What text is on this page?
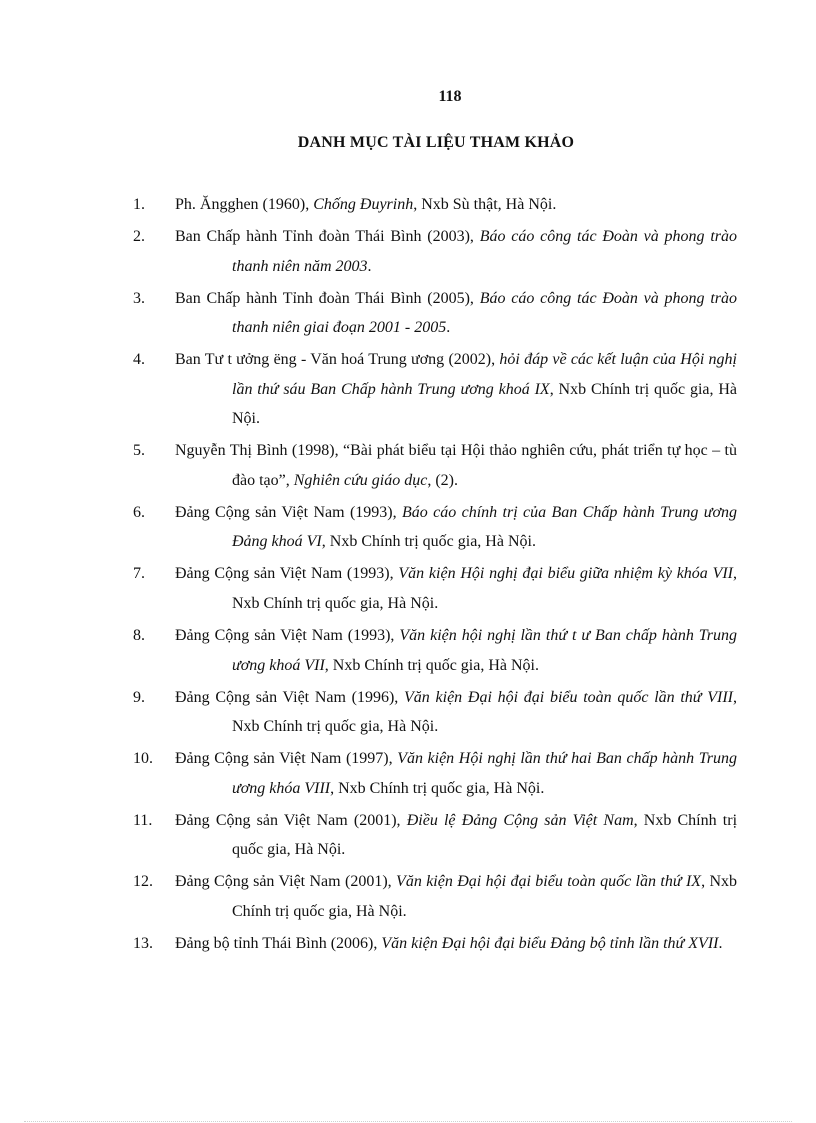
118
DANH MỤC TÀI LIỆU THAM KHẢO
1.	Ph. Ăngghen (1960), Chống Đuyrinh, Nxb Sù thật, Hà Nội.
2.	Ban Chấp hành Tỉnh đoàn Thái Bình (2003), Báo cáo công tác Đoàn và phong trào thanh niên năm 2003.
3.	Ban Chấp hành Tỉnh đoàn Thái Bình (2005), Báo cáo công tác Đoàn và phong trào thanh niên giai đoạn 2001 - 2005.
4.	Ban Tư t ưởng ëng - Văn hoá Trung ương (2002), hỏi đáp về các kết luận của Hội nghị lần thứ sáu Ban Chấp hành Trung ương khoá IX, Nxb Chính trị quốc gia, Hà Nội.
5.	Nguyễn Thị Bình (1998), “Bài phát biểu tại Hội thảo nghiên cứu, phát triển tự học – tù đào tạo”, Nghiên cứu giáo dục, (2).
6.	Đảng Cộng sản Việt Nam (1993), Báo cáo chính trị của Ban Chấp hành Trung ương Đảng khoá VI, Nxb Chính trị quốc gia, Hà Nội.
7.	Đảng Cộng sản Việt Nam (1993), Văn kiện Hội nghị đại biểu giữa nhiệm kỳ khóa VII, Nxb Chính trị quốc gia, Hà Nội.
8.	Đảng Cộng sản Việt Nam (1993), Văn kiện hội nghị lần thứ t ư Ban chấp hành Trung ương khoá VII, Nxb Chính trị quốc gia, Hà Nội.
9.	Đảng Cộng sản Việt Nam (1996), Văn kiện Đại hội đại biểu toàn quốc lần thứ VIII, Nxb Chính trị quốc gia, Hà Nội.
10.	Đảng Cộng sản Việt Nam (1997), Văn kiện Hội nghị lần thứ hai Ban chấp hành Trung ương khóa VIII, Nxb Chính trị quốc gia, Hà Nội.
11.	Đảng Cộng sản Việt Nam (2001), Điều lệ Đảng Cộng sản Việt Nam, Nxb Chính trị quốc gia, Hà Nội.
12.	Đảng Cộng sản Việt Nam (2001), Văn kiện Đại hội đại biểu toàn quốc lần thứ IX, Nxb Chính trị quốc gia, Hà Nội.
13.	Đảng bộ tỉnh Thái Bình (2006), Văn kiện Đại hội đại biểu Đảng bộ tỉnh lần thứ XVII.
